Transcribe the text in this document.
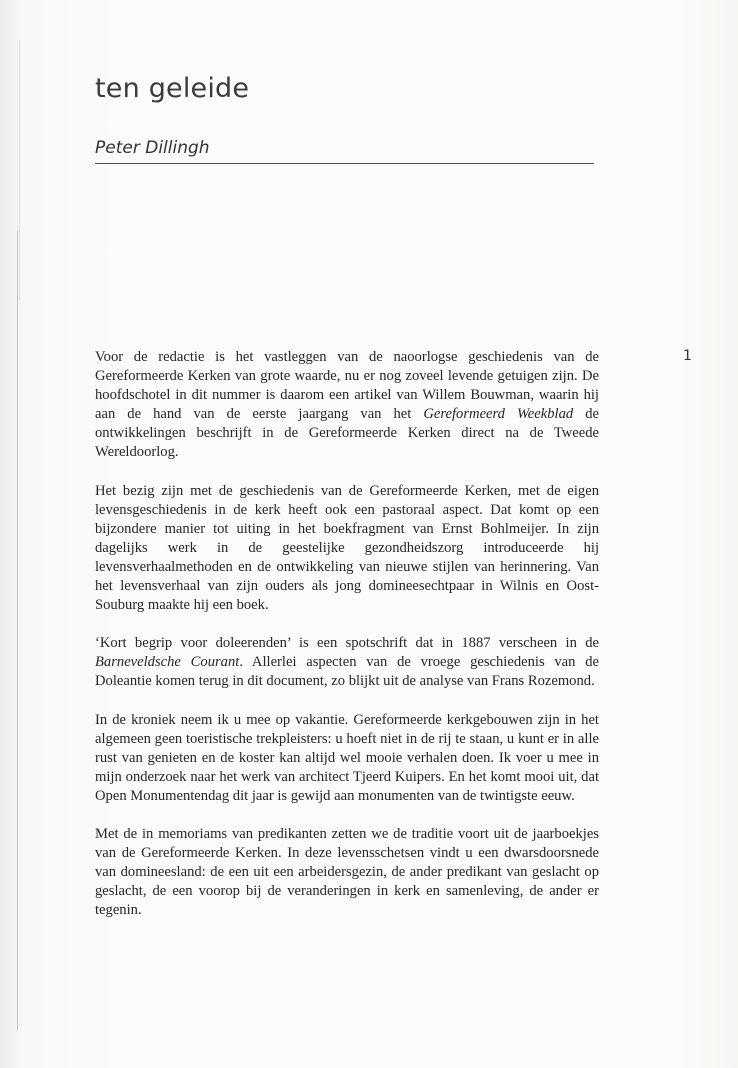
ten geleide
Peter Dillingh
1

Voor de redactie is het vastleggen van de naoorlogse geschiedenis van de Gereformeerde Kerken van grote waarde, nu er nog zoveel levende getuigen zijn. De hoofdschotel in dit nummer is daarom een artikel van Willem Bouwman, waarin hij aan de hand van de eerste jaargang van het Gereformeerd Weekblad de ontwikkelingen beschrijft in de Gereformeerde Kerken direct na de Tweede Wereldoorlog.

Het bezig zijn met de geschiedenis van de Gereformeerde Kerken, met de eigen levensgeschiedenis in de kerk heeft ook een pastoraal aspect. Dat komt op een bijzondere manier tot uiting in het boekfragment van Ernst Bohlmeijer. In zijn dagelijks werk in de geestelijke gezondheidszorg introduceerde hij levensverhaalmethoden en de ontwikkeling van nieuwe stijlen van herinnering. Van het levensverhaal van zijn ouders als jong domineesechtpaar in Wilnis en Oost-Souburg maakte hij een boek.

‘Kort begrip voor doleerenden’ is een spotschrift dat in 1887 verscheen in de Barneveldsche Courant. Allerlei aspecten van de vroege geschiedenis van de Doleantie komen terug in dit document, zo blijkt uit de analyse van Frans Rozemond.

In de kroniek neem ik u mee op vakantie. Gereformeerde kerkgebouwen zijn in het algemeen geen toeristische trekpleisters: u hoeft niet in de rij te staan, u kunt er in alle rust van genieten en de koster kan altijd wel mooie verhalen doen. Ik voer u mee in mijn onderzoek naar het werk van architect Tjeerd Kuipers. En het komt mooi uit, dat Open Monumentendag dit jaar is gewijd aan monumenten van de twintigste eeuw.

Met de in memoriams van predikanten zetten we de traditie voort uit de jaarboekjes van de Gereformeerde Kerken. In deze levensschetsen vindt u een dwarsdoorsnede van domineesland: de een uit een arbeidersgezin, de ander predikant van geslacht op geslacht, de een voorop bij de veranderingen in kerk en samenleving, de ander er tegenin.
